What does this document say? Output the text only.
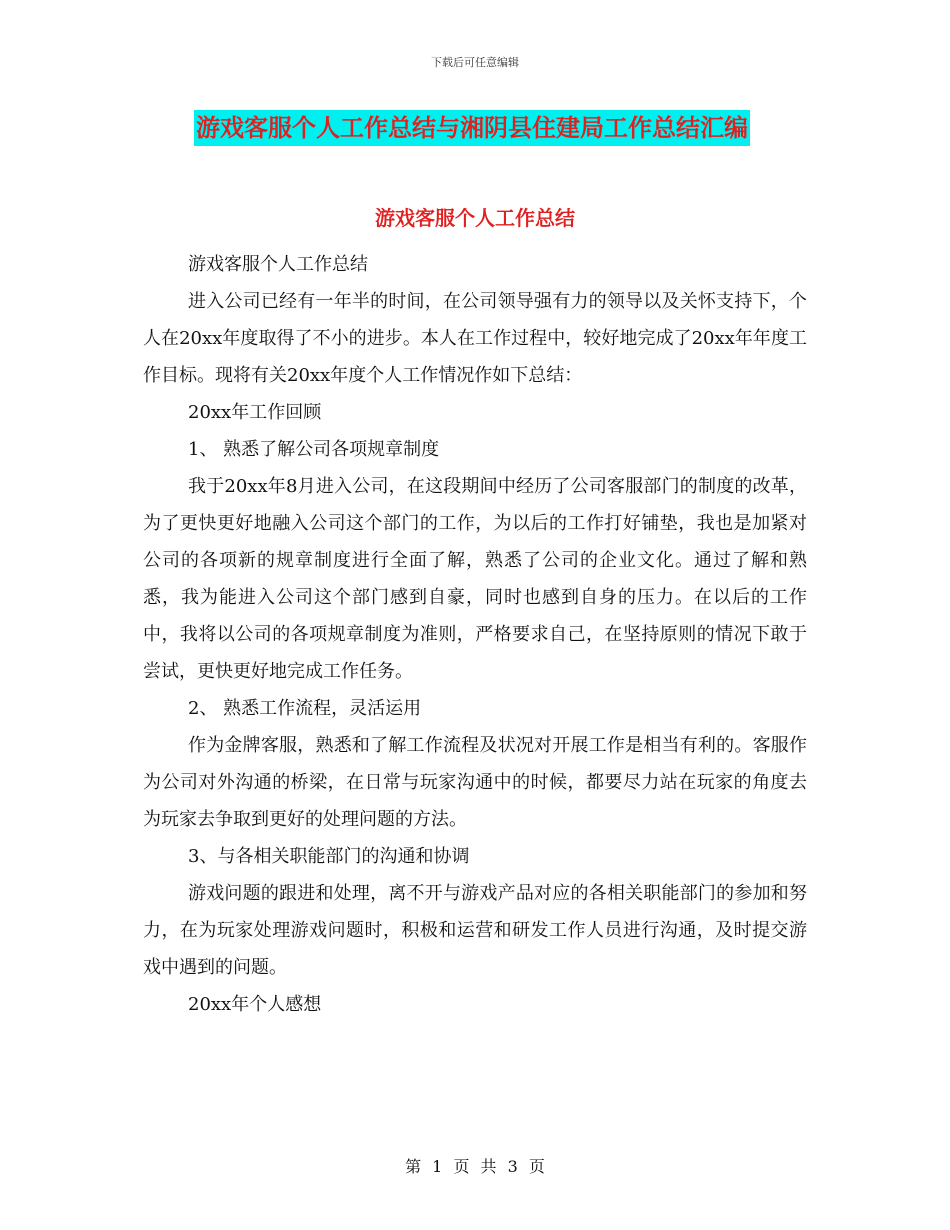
下载后可任意编辑
游戏客服个人工作总结与湘阴县住建局工作总结汇编
游戏客服个人工作总结

游戏客服个人工作总结

进入公司已经有一年半的时间，在公司领导强有力的领导以及关怀支持下，个人在20xx年度取得了不小的进步。本人在工作过程中，较好地完成了20xx年年度工作目标。现将有关20xx年度个人工作情况作如下总结：

20xx年工作回顾

1、 熟悉了解公司各项规章制度

我于20xx年8月进入公司，在这段期间中经历了公司客服部门的制度的改革，为了更快更好地融入公司这个部门的工作，为以后的工作打好铺垫，我也是加紧对公司的各项新的规章制度进行全面了解，熟悉了公司的企业文化。通过了解和熟悉，我为能进入公司这个部门感到自豪，同时也感到自身的压力。在以后的工作中，我将以公司的各项规章制度为准则，严格要求自己，在坚持原则的情况下敢于尝试，更快更好地完成工作任务。

2、 熟悉工作流程，灵活运用

作为金牌客服，熟悉和了解工作流程及状况对开展工作是相当有利的。客服作为公司对外沟通的桥梁，在日常与玩家沟通中的时候，都要尽力站在玩家的角度去为玩家去争取到更好的处理问题的方法。

3、与各相关职能部门的沟通和协调

游戏问题的跟进和处理，离不开与游戏产品对应的各相关职能部门的参加和努力，在为玩家处理游戏问题时，积极和运营和研发工作人员进行沟通，及时提交游戏中遇到的问题。

20xx年个人感想

第 1 页 共 3 页
